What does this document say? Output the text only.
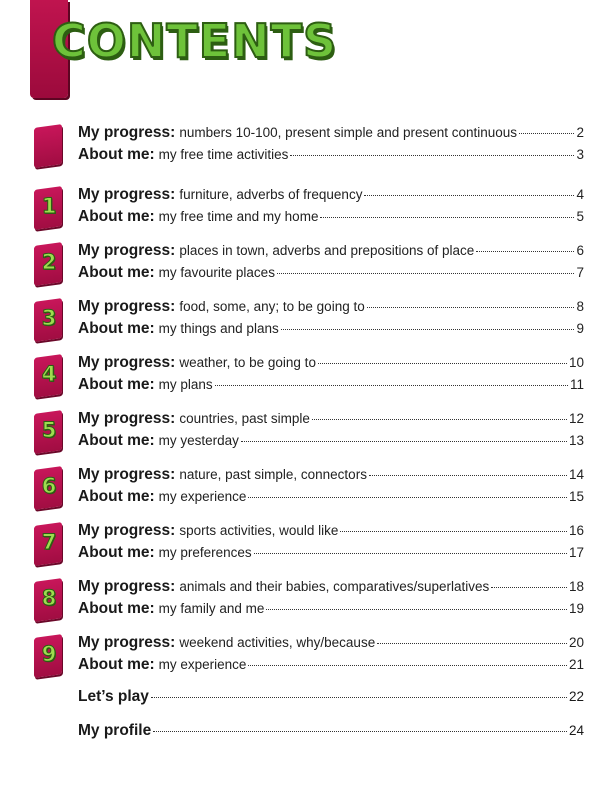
CONTENTS
My progress: numbers 10-100, present simple and present continuous	2
About me: my free time activities	3
1 My progress: furniture, adverbs of frequency	4
About me: my free time and my home	5
2 My progress: places in town, adverbs and prepositions of place	6
About me: my favourite places	7
3 My progress: food, some, any; to be going to	8
About me: my things and plans	9
4 My progress: weather, to be going to	10
About me: my plans	11
5 My progress: countries, past simple	12
About me: my yesterday	13
6 My progress: nature, past simple, connectors	14
About me: my experience	15
7 My progress: sports activities, would like	16
About me: my preferences	17
8 My progress: animals and their babies, comparatives/superlatives	18
About me: my family and me	19
9 My progress: weekend activities, why/because	20
About me: my experience	21
Let’s play	22
My profile	24
